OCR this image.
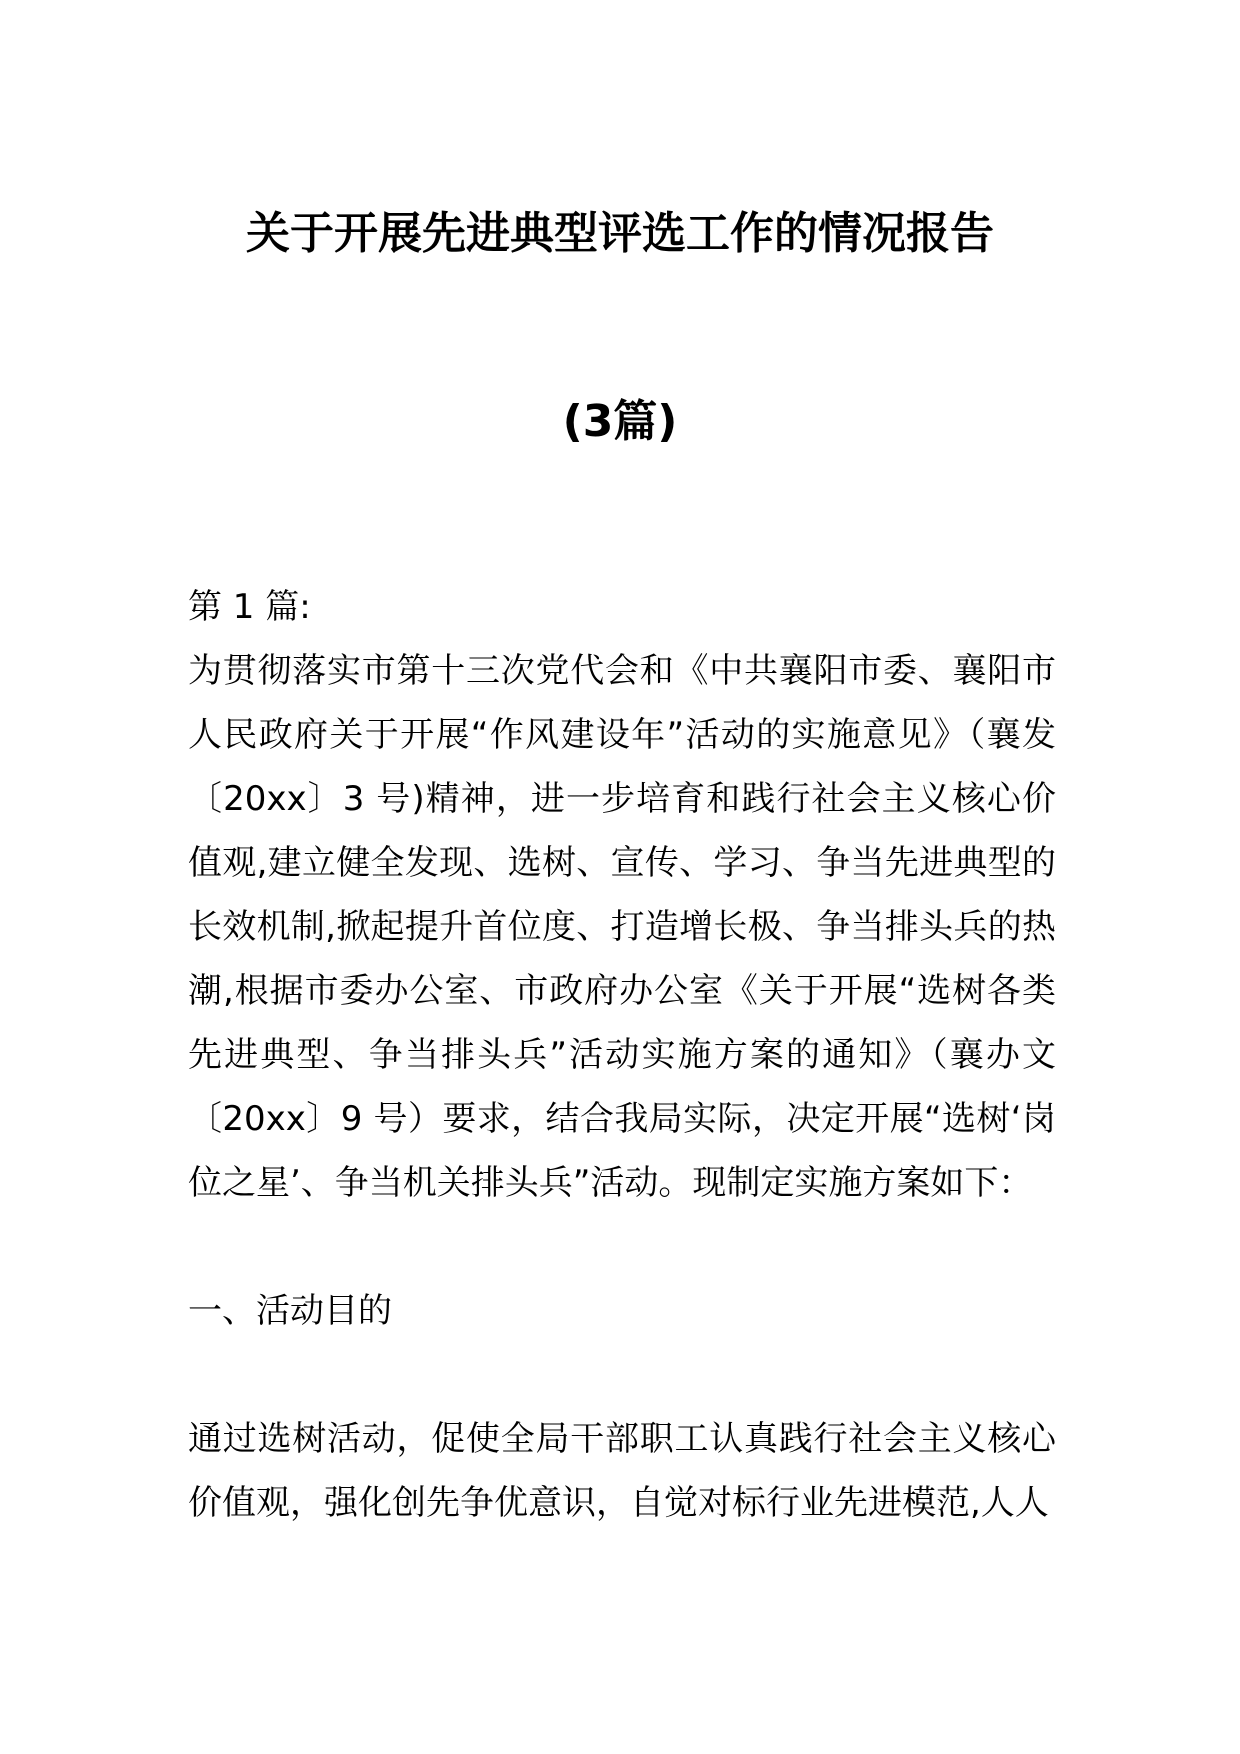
关于开展先进典型评选工作的情况报告
(3篇)

第 1 篇:

为贯彻落实市第十三次党代会和《中共襄阳市委、襄阳市人民政府关于开展“作风建设年”活动的实施意见》（襄发〔20xx〕3 号)精神，进一步培育和践行社会主义核心价值观,建立健全发现、选树、宣传、学习、争当先进典型的长效机制,掀起提升首位度、打造增长极、争当排头兵的热潮,根据市委办公室、市政府办公室《关于开展“选树各类先进典型、争当排头兵”活动实施方案的通知》（襄办文〔20xx〕9 号）要求，结合我局实际，决定开展“选树‘岗位之星’、争当机关排头兵”活动。现制定实施方案如下：

一、活动目的

通过选树活动，促使全局干部职工认真践行社会主义核心价值观，强化创先争优意识，自觉对标行业先进模范,人人
